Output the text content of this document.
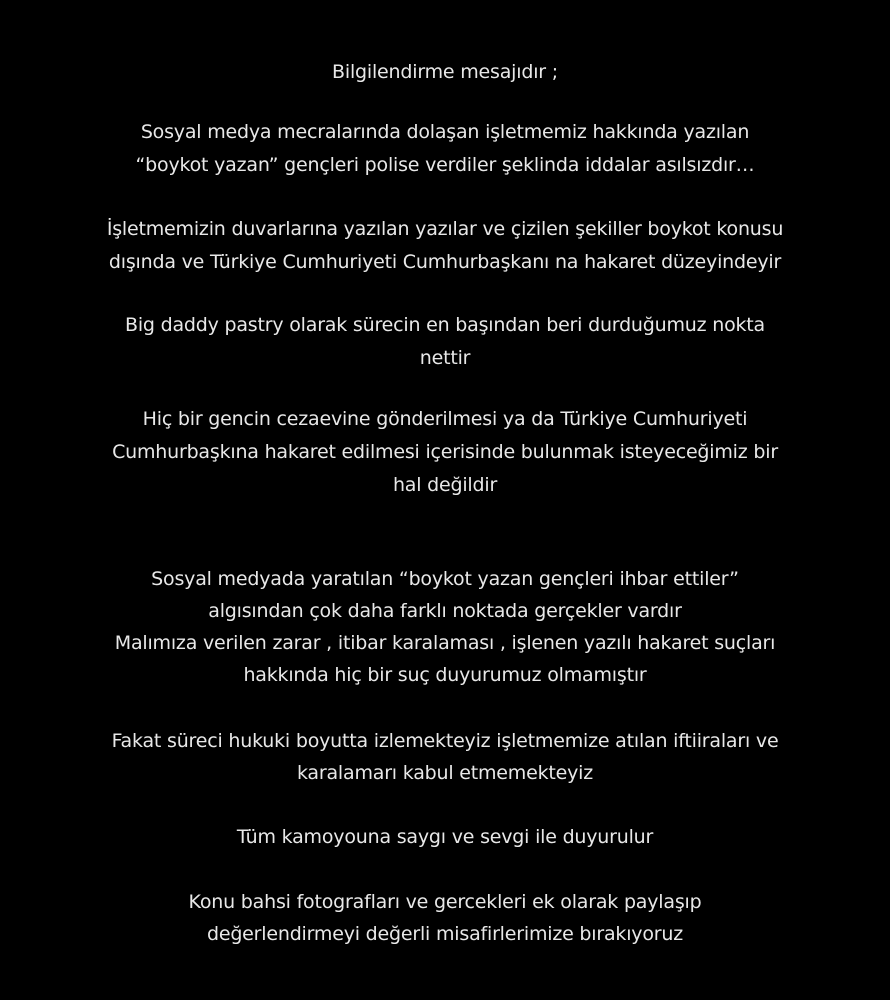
Bilgilendirme mesajıdır ;
Sosyal medya mecralarında dolaşan işletmemiz hakkında yazılan
“boykot yazan” gençleri polise verdiler şeklinda iddalar asılsızdır…
İşletmemizin duvarlarına yazılan yazılar ve çizilen şekiller boykot konusu
dışında ve Türkiye Cumhuriyeti Cumhurbaşkanı na hakaret düzeyindeyir
Big daddy pastry olarak sürecin en başından beri durduğumuz nokta
nettir
Hiç bir gencin cezaevine gönderilmesi ya da Türkiye Cumhuriyeti
Cumhurbaşkına hakaret edilmesi içerisinde bulunmak isteyeceğimiz bir
hal değildir
Sosyal medyada yaratılan “boykot yazan gençleri ihbar ettiler”
algısından çok daha farklı noktada gerçekler vardır
Malımıza verilen zarar , itibar karalaması , işlenen yazılı hakaret suçları
hakkında hiç bir suç duyurumuz olmamıştır
Fakat süreci hukuki boyutta izlemekteyiz işletmemize atılan iftiiraları ve
karalamarı kabul etmemekteyiz
Tüm kamoyouna saygı ve sevgi ile duyurulur
Konu bahsi fotografları ve gercekleri ek olarak paylaşıp
değerlendirmeyi değerli misafirlerimize bırakıyoruz
